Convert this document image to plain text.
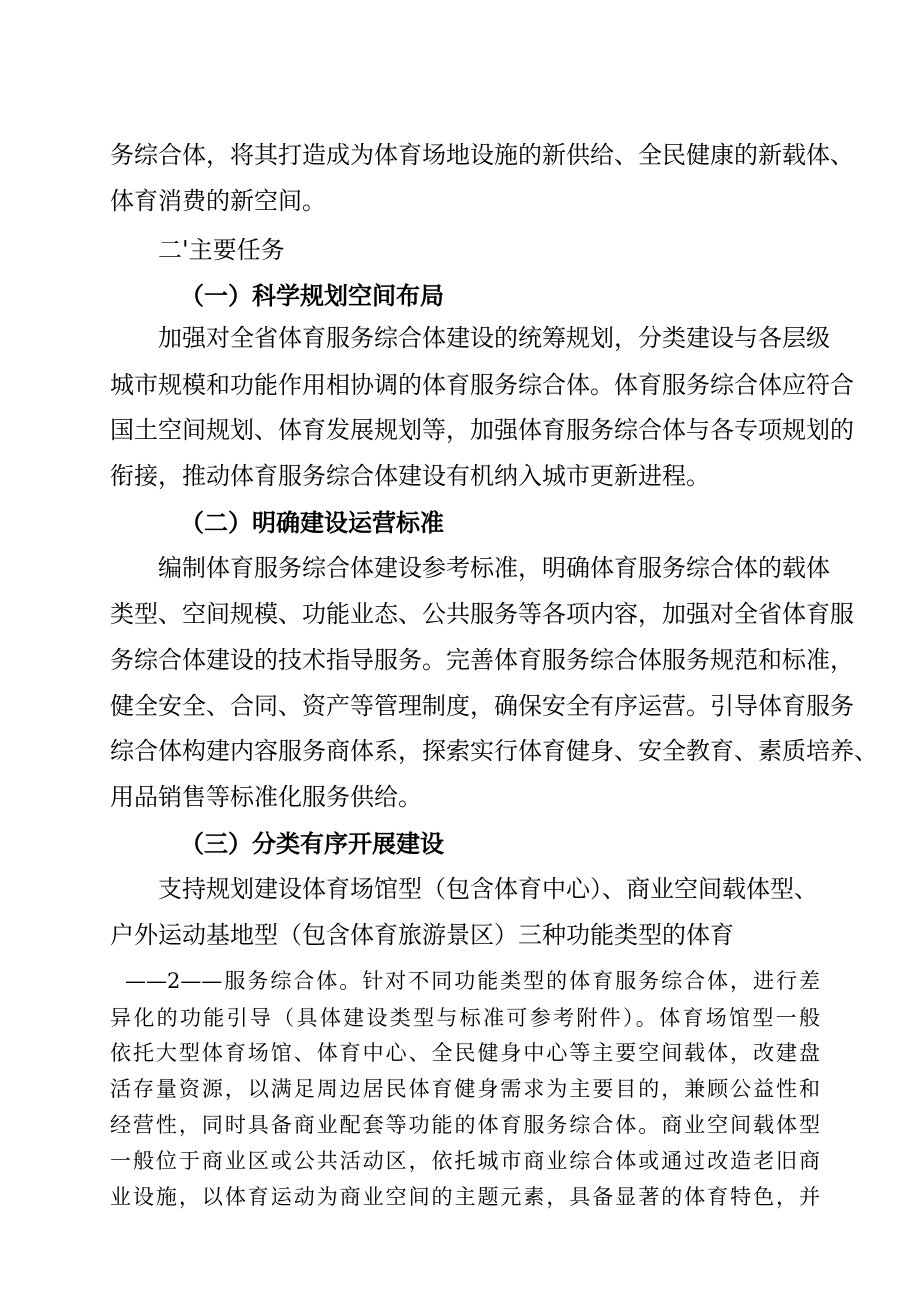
务综合体，将其打造成为体育场地设施的新供给、全民健康的新载体、

体育消费的新空间。

二'主要任务

（一）科学规划空间布局

加强对全省体育服务综合体建设的统筹规划，分类建设与各层级

城市规模和功能作用相协调的体育服务综合体。体育服务综合体应符合

国土空间规划、体育发展规划等，加强体育服务综合体与各专项规划的

衔接，推动体育服务综合体建设有机纳入城市更新进程。

（二）明确建设运营标准

编制体育服务综合体建设参考标准，明确体育服务综合体的载体

类型、空间规模、功能业态、公共服务等各项内容，加强对全省体育服

务综合体建设的技术指导服务。完善体育服务综合体服务规范和标准，

健全安全、合同、资产等管理制度，确保安全有序运营。引导体育服务

综合体构建内容服务商体系，探索实行体育健身、安全教育、素质培养、

用品销售等标准化服务供给。

（三）分类有序开展建设

支持规划建设体育场馆型（包含体育中心）、商业空间载体型、

户外运动基地型（包含体育旅游景区）三种功能类型的体育

——2——服务综合体。针对不同功能类型的体育服务综合体，进行差

异化的功能引导（具体建设类型与标准可参考附件）。体育场馆型一般

依托大型体育场馆、体育中心、全民健身中心等主要空间载体，改建盘

活存量资源，以满足周边居民体育健身需求为主要目的，兼顾公益性和

经营性，同时具备商业配套等功能的体育服务综合体。商业空间载体型

一般位于商业区或公共活动区，依托城市商业综合体或通过改造老旧商

业设施，以体育运动为商业空间的主题元素，具备显著的体育特色，并
